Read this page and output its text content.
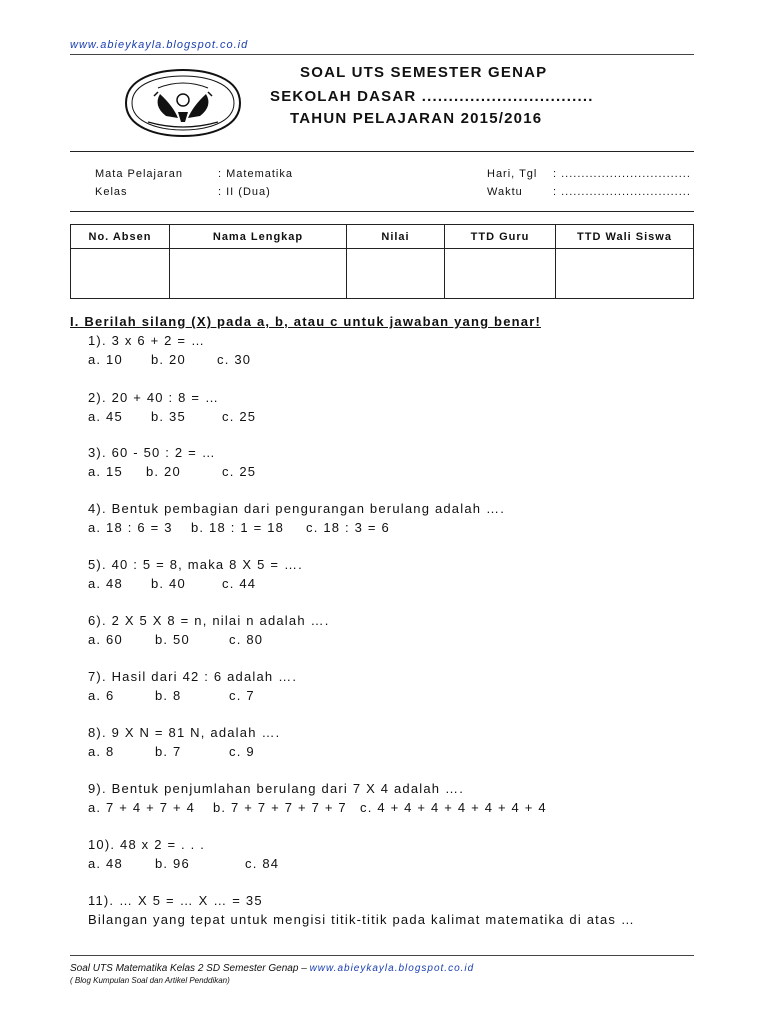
www.abieykayla.blogspot.co.id
SOAL UTS SEMESTER GENAP
SEKOLAH DASAR ................................
TAHUN PELAJARAN 2015/2016
Mata Pelajaran	: Matematika
Kelas	: II (Dua)
Hari, Tgl : ................................
Waktu	: ................................
No. Absen	Nama Lengkap	Nilai	TTD Guru	TTD Wali Siswa

I. Berilah silang (X) pada a, b, atau c untuk jawaban yang benar!
1). 3 x 6 + 2 = …
a. 10 b. 20 c. 30
2). 20 + 40 : 8 = …
a. 45 b. 35	c. 25
3). 60 - 50 : 2 = …
a. 15 b. 20	c. 25
4). Bentuk pembagian dari pengurangan berulang adalah ….
a. 18 : 6 = 3 b. 18 : 1 = 18 c. 18 : 3 = 6
5). 40 : 5 = 8, maka 8 X 5 = ….
a. 48 b. 40	c. 44
6). 2 X 5 X 8 = n, nilai n adalah ….
a. 60 b. 50	c. 80
7). Hasil dari 42 : 6 adalah ….
a. 6	b. 8	c. 7
8). 9 X N = 81 N, adalah ….
a. 8	b. 7	c. 9
9). Bentuk penjumlahan berulang dari 7 X 4 adalah ….
a. 7 + 4 + 7 + 4 b. 7 + 7 + 7 + 7 + 7 c. 4 + 4 + 4 + 4 + 4 + 4 + 4
10). 48 x 2 = . . .
a. 48 b. 96	c. 84
11). … X 5 = … X … = 35
Bilangan yang tepat untuk mengisi titik-titik pada kalimat matematika di atas …
Soal UTS Matematika Kelas 2 SD Semester Genap – www.abieykayla.blogspot.co.id
( Blog Kumpulan Soal dan Artikel Penddikan)
